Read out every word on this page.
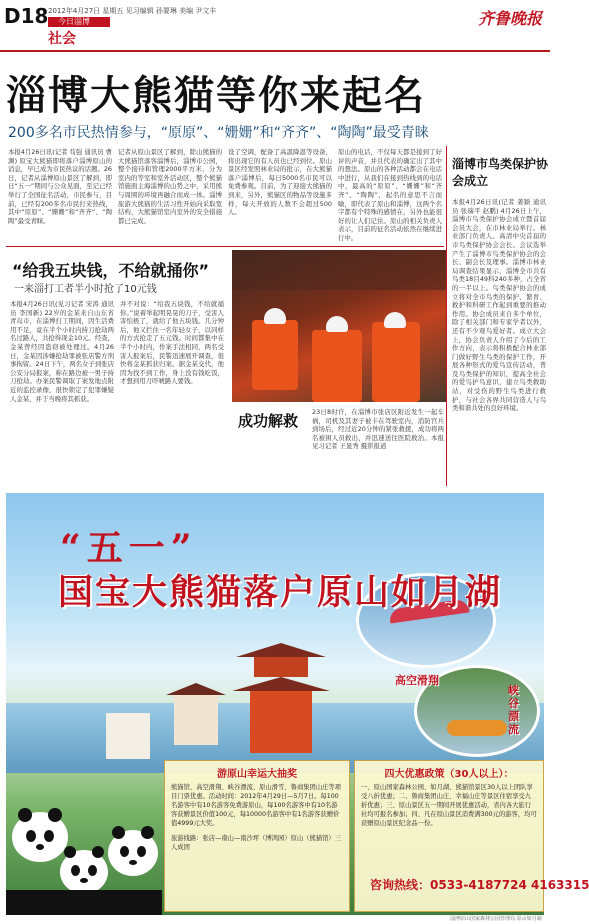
D18 2012年4月27日 星期五 见习编辑 孙要琳 美编 尹文丰
今日淄博
社会
齐鲁晚报
淄博大熊猫等你来起名
200多名市民热情参与，“原原”、“姗姗”和“齐齐”、“陶陶”最受青睐
本报4月26日讯(记者 苟强 通讯员 曹渊) 原宝大熊猫即将落户淄博原山的消息，早已成为市民热议的话题。26日，记者从淄博原山景区了解到，即日“五一”期间与公众见面，至记已经举行了全国征名活动，市民参与，目前，已经有200多名市民打来热线，其中“原原”、“姗姗”和“齐齐”、“陶陶”最受青睐。
记者从原山景区了解到，除山熊猫的大熊猫馆落客淄博后，淄博市公园，整个接待和管理2000平方米，分为室内的等室和室外活动区，整个熊猫馆施面主海淄博的山势之中，采用熊与周围的环境再融合而成一体。淄博旅游大熊猫的生活习性开始向采取宽结构，大熊猫馆室内室外的安全措施都已完成。
设了空调，配备了高温降温等设备，将出现它的有人员也已经到位。原山景区经发照林业局的批示，在大熊猫落户淄博后，每日5000名市民可以免费参观。目前，为了迎接大熊猫的到来，另外，熊猫区的物品等设施多样，每天开放的人数不会超过500人。
原山的电话，不仅每天都是接到了好评的声音，并且代表的确定出了其中的想法。原山的各种活动都会在电话中进行，从我们在接到热线到的电话中，最高的“原原”、“姗姗”和“齐齐”、“陶陶”，起名的意思不言而喻，即代表了原山和淄博，这两个名字都有个特殊的感情在，另外也能很好的让人们记住。原山的相关负责人表示，目前的征名活动依然在继续进行中。
淄博市鸟类保护协会成立
本报4月26日讯(记者 姜颖 通讯员 张瑞平 赵鹏) 4月26日上午，淄博市鸟类保护协会成立暨首届会员大会，在市林业局举行。林业部门负责人、高清中央首届的市鸟类保护协会会长。会议选举产生了淄博市鸟类保护协会的会长、副会长及理事。淄博市林业局调查结果显示，淄博全市共有鸟类18目49科240多种，占全省的一半以上。鸟类保护协会的成立将对全市鸟类的保护、繁育、救护和科研工作起到重要的推动作用。协会成员来自多个单位，除了相关部门和专家学者以外，还有不少观鸟爱好者。成立大会上，协会负责人介绍了今后的工作方向，表示将积极配合林业部门做好野生鸟类的保护工作，开展各种形式的爱鸟宣传活动，普及鸟类保护的知识，提高全社会的爱鸟护鸟意识，建立鸟类救助站，对受伤的野生鸟类进行救护，与社会各界共同营造人与鸟类和谐共处的良好环境。
“给我五块钱，不给就捅你”
一来淄打工者半小时抢了10元钱
本报4月26日讯(见习记者 宋涛 通讯员 李国新) 22岁的金某来自山东省青岛市，在淄博打工期间，因生活费用不足，竟在半个小时内持刀抢劫两名过路人，共抢得现金10元。经查，金某曾经因盗窃被处理过。4月26日，金某因涉嫌抢劫罪被张店警方刑事拘留。24日下午，两名女子到张店公安分局报案，称在路边被一男子持刀抢劫。办案民警调取了案发地点附近的监控录像，很快锁定了犯罪嫌疑人金某，并于当晚将其抓获。
并不对说：“给我五块钱，不给就捅你。”说着举起明晃晃的刀子，受害人害怕极了，就给了他五块钱。几分钟后，他又拦住一名年轻女子，以同样的方式抢走了五元钱。时间都集中在半个小时内，作案手法相同，两名受害人报案后，民警迅速展开调查，很快将金某抓获归案。据金某交代，他因为找不到工作，身上没有钱吃饭，才想到用刀吓唬路人要钱。
成功解救 23日8时许，在淄博市张店区附近发生一起车祸，司机及其妻子被卡在驾驶室内，消防官兵到场后，经过近20分钟的紧张救援，成功将两名被困人员救出，并迅速送往医院救治。本报见习记者 王显秀 摄影报道
“五一”
国宝大熊猫落户原山如月湖
高空滑翔
峡谷漂流
游原山幸运大抽奖
熊猫馆、高空滑翔、峡谷漂流、原山滑雪、鲁商集团山庄等项目门票优惠。活动时间：2012年4月29日—5月7日。每100名游客中有10名游客免费游原山，每100名游客中有10名游客获赠景区价值100元，每10000名游客中有1名游客获赠价值4999元大奖。
旅游线路：张店—南山—南沙坪（博鸿园）原山（熊猫馆）三人成团
四大优惠政策（30人以上）：
一、原山国家森林公园、如月湖、熊猫馆景区30人以上团队享受八折优惠；二、鲁商集团山庄、幸福山庄等景区住宿享受九折优惠；三、原山景区五一期间开展优惠活动，省内各大旅行社均可报名参加；四、凡在原山景区消费满300元的游客，均可获赠原山景区纪念品一份。
咨询热线：0533-4187724 4163315
淄博原山国家森林公园管理局 原山如月湖
